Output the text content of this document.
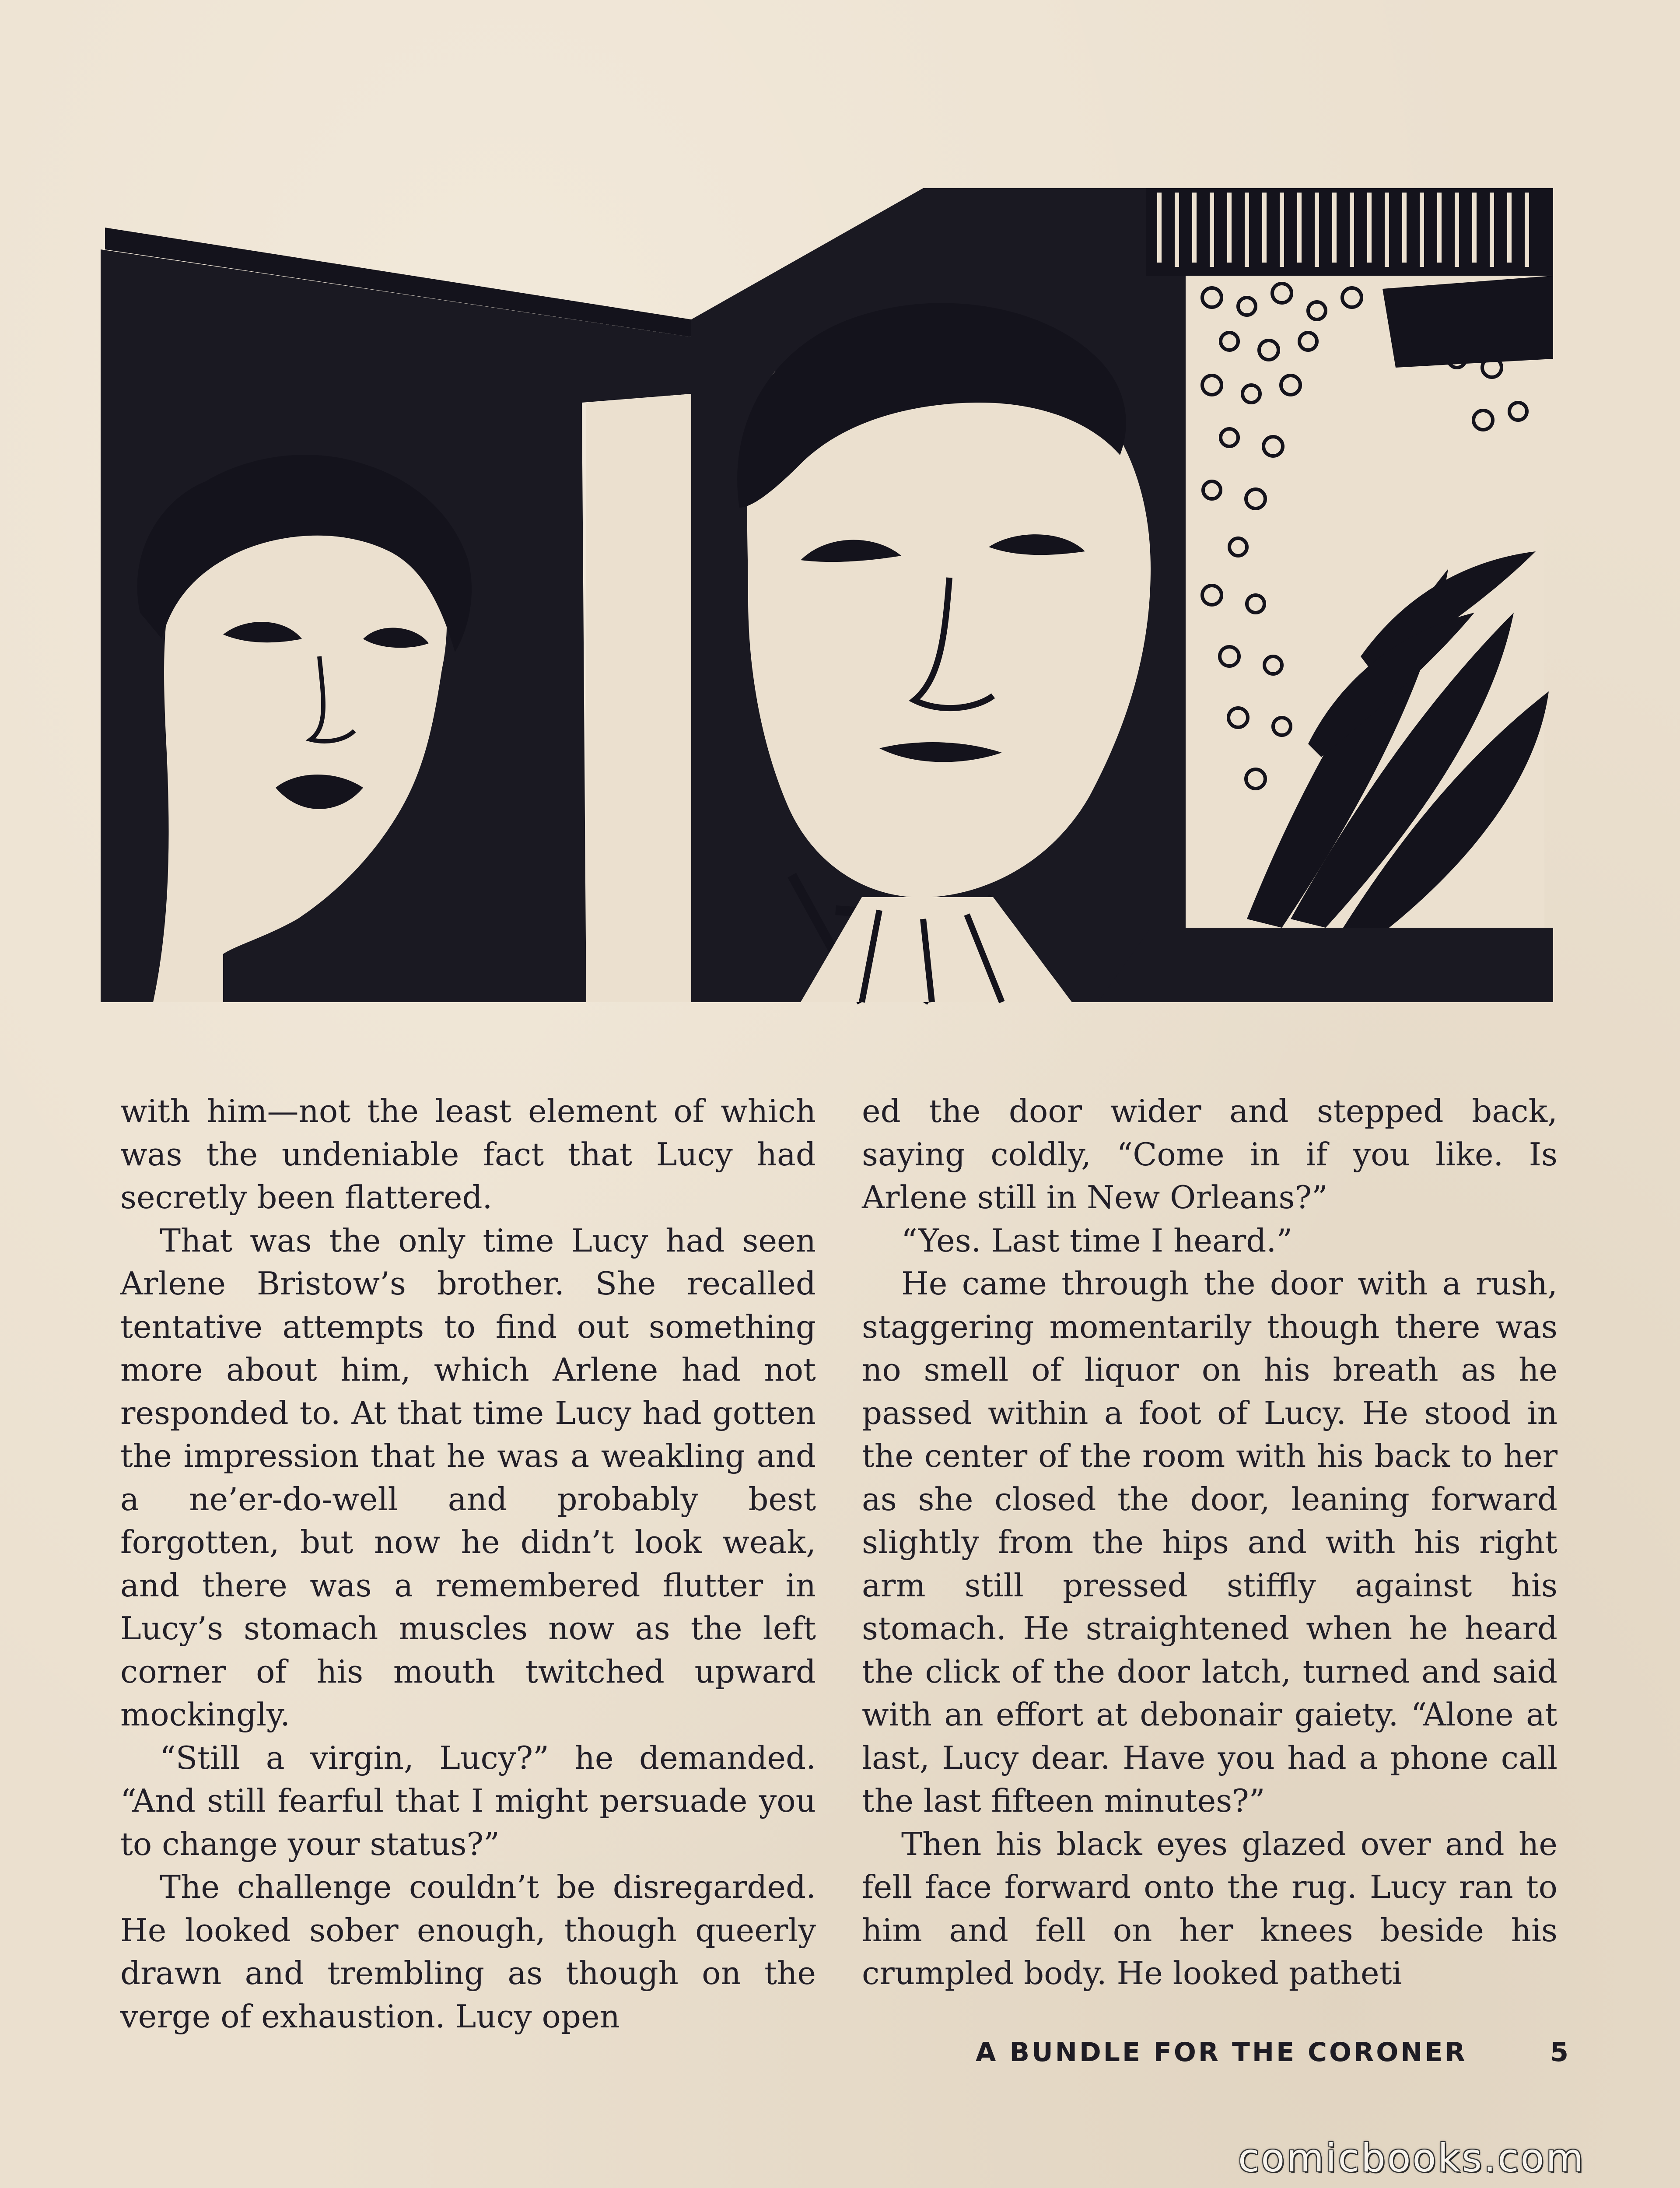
with him—not the least element of which was the undeniable fact that Lucy had secretly been flattered.

That was the only time Lucy had seen Arlene Bristow’s brother. She recalled tentative attempts to find out something more about him, which Arlene had not responded to. At that time Lucy had gotten the impression that he was a weakling and a ne’er-do-well and probably best forgotten, but now he didn’t look weak, and there was a remembered flutter in Lucy’s stomach muscles now as the left corner of his mouth twitched upward mockingly.

“Still a virgin, Lucy?” he demanded. “And still fearful that I might persuade you to change your status?”

The challenge couldn’t be disregarded. He looked sober enough, though queerly drawn and trembling as though on the verge of exhaustion. Lucy open

ed the door wider and stepped back, saying coldly, “Come in if you like. Is Arlene still in New Orleans?”

“Yes. Last time I heard.”

He came through the door with a rush, staggering momentarily though there was no smell of liquor on his breath as he passed within a foot of Lucy. He stood in the center of the room with his back to her as she closed the door, leaning forward slightly from the hips and with his right arm still pressed stiffly against his stomach. He straightened when he heard the click of the door latch, turned and said with an effort at debonair gaiety. “Alone at last, Lucy dear. Have you had a phone call the last fifteen minutes?”

Then his black eyes glazed over and he fell face forward onto the rug. Lucy ran to him and fell on her knees beside his crumpled body. He looked patheti

A BUNDLE FOR THE CORONER	5
comicbooks.com
